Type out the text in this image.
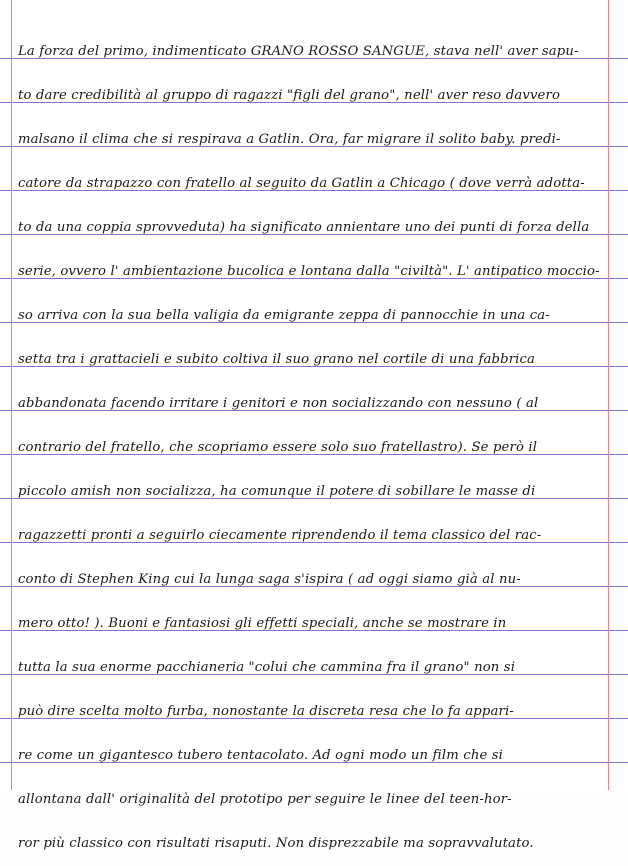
La forza del primo, indimenticato GRANO ROSSO SANGUE, stava nell' aver sapu-
to dare credibilità al gruppo di ragazzi "figli del grano", nell' aver reso davvero
malsano il clima che si respirava a Gatlin. Ora, far migrare il solito baby. predi-
catore da strapazzo con fratello al seguito da Gatlin a Chicago ( dove verrà adotta-
to da una coppia sprovveduta) ha significato annientare uno dei punti di forza della
serie, ovvero l' ambientazione bucolica e lontana dalla "civiltà". L' antipatico moccio-
so arriva con la sua bella valigia da emigrante zeppa di pannocchie in una ca-
setta tra i grattacieli e subito coltiva il suo grano nel cortile di una fabbrica
abbandonata facendo irritare i genitori e non socializzando con nessuno ( al
contrario del fratello, che scopriamo essere solo suo fratellastro). Se però il
piccolo amish non socializza, ha comunque il potere di sobillare le masse di
ragazzetti pronti a seguirlo ciecamente riprendendo il tema classico del rac-
conto di Stephen King cui la lunga saga s'ispira ( ad oggi siamo già al nu-
mero otto! ). Buoni e fantasiosi gli effetti speciali, anche se mostrare in
tutta la sua enorme pacchianeria "colui che cammina fra il grano" non si
può dire scelta molto furba, nonostante la discreta resa che lo fa appari-
re come un gigantesco tubero tentacolato. Ad ogni modo un film che si
allontana dall' originalità del prototipo per seguire le linee del teen-hor-
ror più classico con risultati risaputi. Non disprezzabile ma sopravvalutato.
